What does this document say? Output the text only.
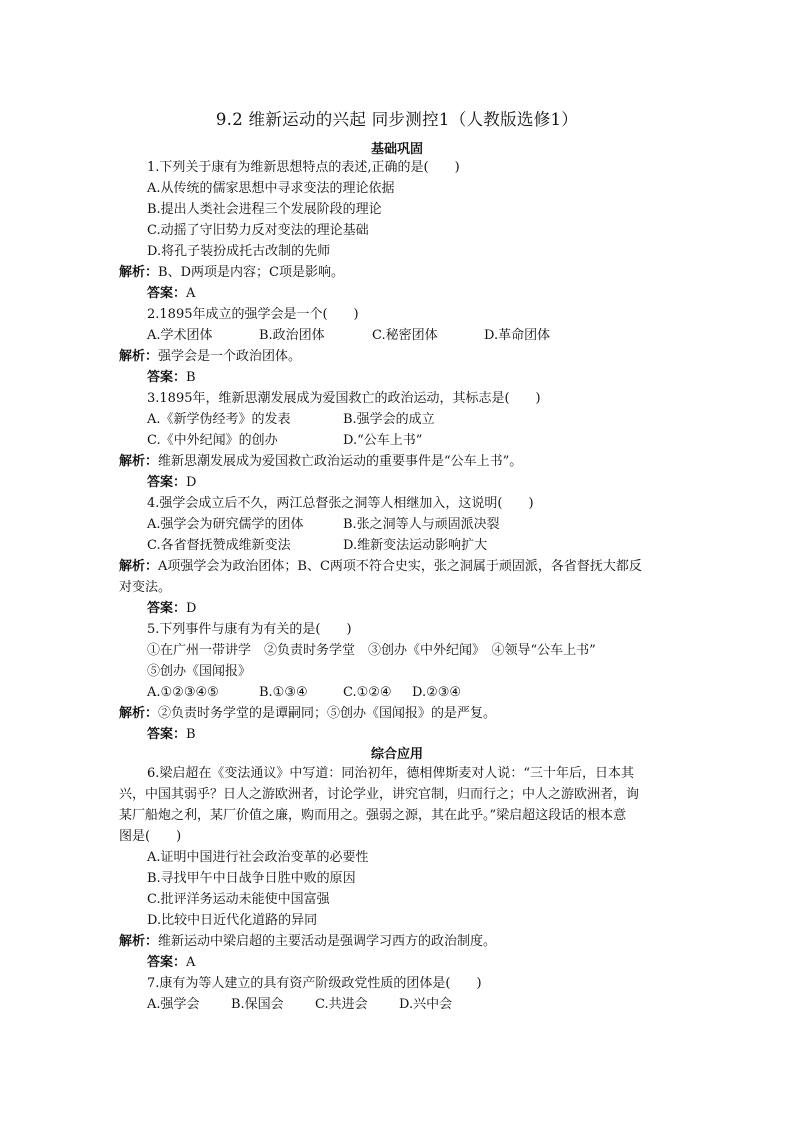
9.2 维新运动的兴起 同步测控1（人教版选修1）
基础巩固
1.下列关于康有为维新思想特点的表述,正确的是(　　)
A.从传统的儒家思想中寻求变法的理论依据
B.提出人类社会进程三个发展阶段的理论
C.动摇了守旧势力反对变法的理论基础
D.将孔子装扮成托古改制的先师
解析：B、D两项是内容；C项是影响。
答案：A
2.1895年成立的强学会是一个(　　)
A.学术团体	B.政治团体	C.秘密团体	D.革命团体
解析：强学会是一个政治团体。
答案：B
3.1895年，维新思潮发展成为爱国救亡的政治运动，其标志是(　　)
A.《新学伪经考》的发表	B.强学会的成立
C.《中外纪闻》的创办	D.“公车上书”
解析：维新思潮发展成为爱国救亡政治运动的重要事件是“公车上书”。
答案：D
4.强学会成立后不久，两江总督张之洞等人相继加入，这说明(　　)
A.强学会为研究儒学的团体	B.张之洞等人与顽固派决裂
C.各省督抚赞成维新变法	D.维新变法运动影响扩大
解析：A项强学会为政治团体；B、C两项不符合史实，张之洞属于顽固派，各省督抚大都反
对变法。
答案：D
5.下列事件与康有为有关的是(　　)
①在广州一带讲学　②负责时务学堂　③创办《中外纪闻》　④领导“公车上书”
⑤创办《国闻报》
A.①②③④⑤	B.①③④	C.①②④ D.②③④
解析：②负责时务学堂的是谭嗣同；⑤创办《国闻报》的是严复。
答案：B
综合应用
6.梁启超在《变法通议》中写道：同治初年，德相俾斯麦对人说：“三十年后，日本其
兴，中国其弱乎？日人之游欧洲者，讨论学业，讲究官制，归而行之；中人之游欧洲者，询
某厂船炮之利，某厂价值之廉，购而用之。强弱之源，其在此乎。”梁启超这段话的根本意
图是(　　)
A.证明中国进行社会政治变革的必要性
B.寻找甲午中日战争日胜中败的原因
C.批评洋务运动未能使中国富强
D.比较中日近代化道路的异同
解析：维新运动中梁启超的主要活动是强调学习西方的政治制度。
答案：A
7.康有为等人建立的具有资产阶级政党性质的团体是(　　)
A.强学会 B.保国会 C.共进会 D.兴中会
